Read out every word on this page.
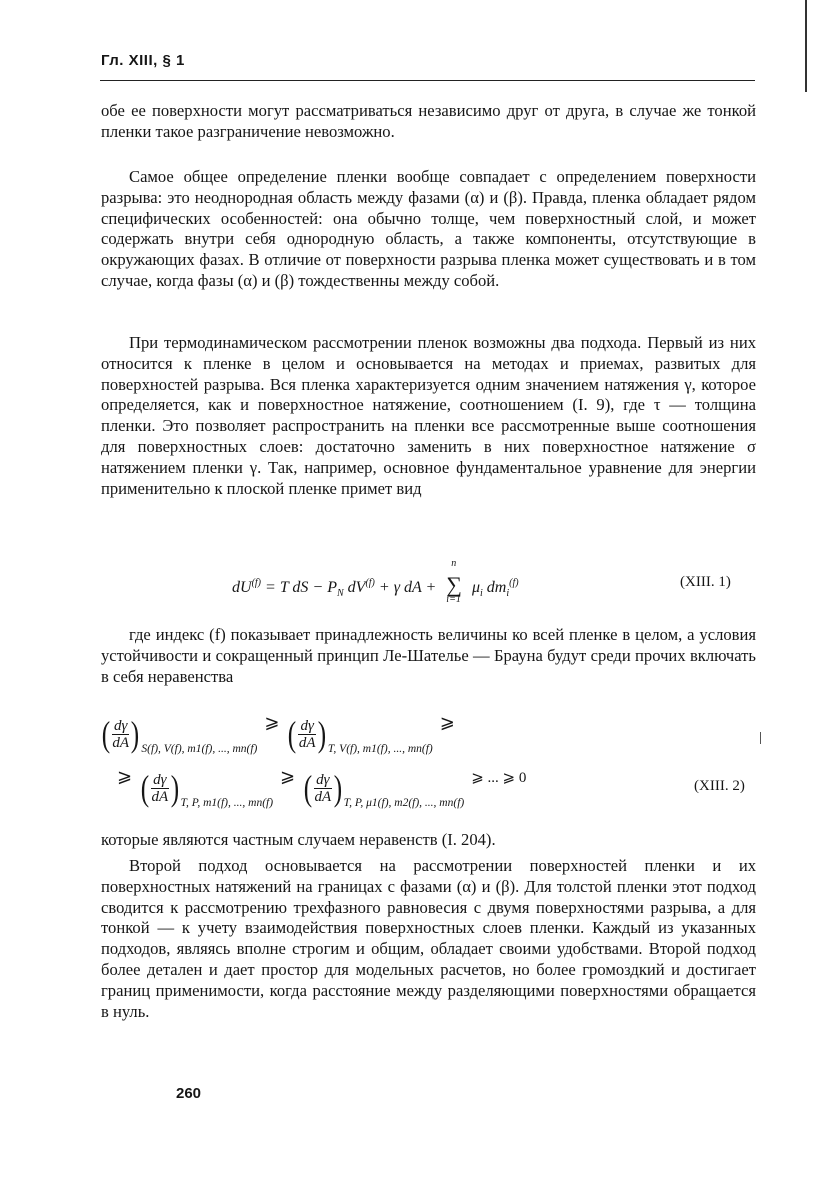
Гл. XIII, § 1

обе ее поверхности могут рассматриваться независимо друг от друга, в случае же тонкой пленки такое разграничение невозможно.

Самое общее определение пленки вообще совпадает с определением поверхности разрыва: это неоднородная область между фазами (α) и (β). Правда, пленка обладает рядом специфических особенностей: она обычно толще, чем поверхностный слой, и может содержать внутри себя однородную область, а также компоненты, отсутствующие в окружающих фазах. В отличие от поверхности разрыва пленка может существовать и в том случае, когда фазы (α) и (β) тождественны между собой.

При термодинамическом рассмотрении пленок возможны два подхода. Первый из них относится к пленке в целом и основывается на методах и приемах, развитых для поверхностей разрыва. Вся пленка характеризуется одним значением натяжения γ, которое определяется, как и поверхностное натяжение, соотношением (I. 9), где τ — толщина пленки. Это позволяет распространить на пленки все рассмотренные выше соотношения для поверхностных слоев: достаточно заменить в них поверхностное натяжение σ натяжением пленки γ. Так, например, основное фундаментальное уравнение для энергии применительно к плоской пленке примет вид

$dU^{(f)} = T$ dS − $P_N$ $dV^{(f)} + \gamma$ dA + ∑
n
i=1
$\mu_i$ $dm_i^{(f)}$	(XIII. 1)

где индекс (f) показывает принадлежность величины ко всей пленке в целом, а условия устойчивости и сокращенный принцип Ле-Шателье — Брауна будут среди прочих включать в себя неравенства

( $\frac{d\gamma}{dA}$ ) S(f), V(f), m1(f), ..., mn(f) ⩾ ( $\frac{d\gamma}{dA}$ ) T, V(f), m1(f), ..., mn(f) ⩾
⩾ ( $\frac{d\gamma}{dA}$ ) T, P, m1(f), ..., mn(f) ⩾ ( $\frac{d\gamma}{dA}$ ) T, P, μ1(f), m2(f), ..., mn(f) ⩾ ... ⩾ 0	(XIII. 2)

которые являются частным случаем неравенств (I. 204).

Второй подход основывается на рассмотрении поверхностей пленки и их поверхностных натяжений на границах с фазами (α) и (β). Для толстой пленки этот подход сводится к рассмотрению трехфазного равновесия с двумя поверхностями разрыва, а для тонкой — к учету взаимодействия поверхностных слоев пленки. Каждый из указанных подходов, являясь вполне строгим и общим, обладает своими удобствами. Второй подход более детален и дает простор для модельных расчетов, но более громоздкий и достигает границ применимости, когда расстояние между разделяющими поверхностями обращается в нуль.

260
